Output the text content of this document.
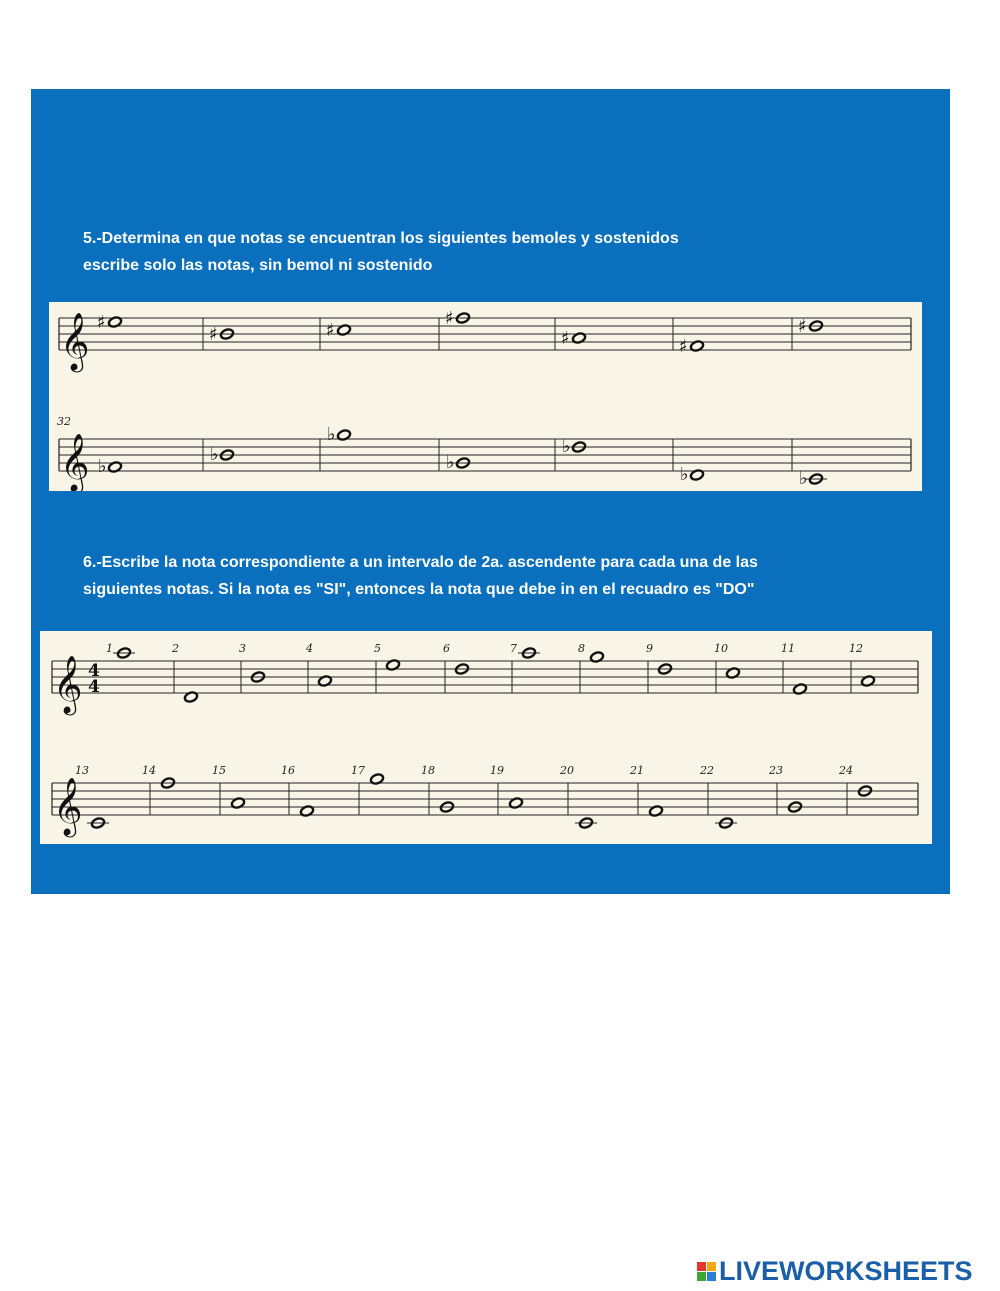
5.-Determina en que notas se encuentran los siguientes bemoles y sostenidos
escribe solo las notas, sin bemol ni sostenido

𝄞 ♯
♯	♯
♯
♯	♯
♯
𝄞 ♭
♭
♭
♭
♭
♭	♭
32

6.-Escribe la nota correspondiente a un intervalo de 2a. ascendente para cada una de las
siguientes notas. Si la nota es "SI", entonces la nota que debe in en el recuadro es "DO"

𝄞 4
4
1	2	3	4	5	6	7	8	9	10	11	12
𝄞
13	14	15	16	17	18	19	20	21	22	23	24
LIVEWORKSHEETS
